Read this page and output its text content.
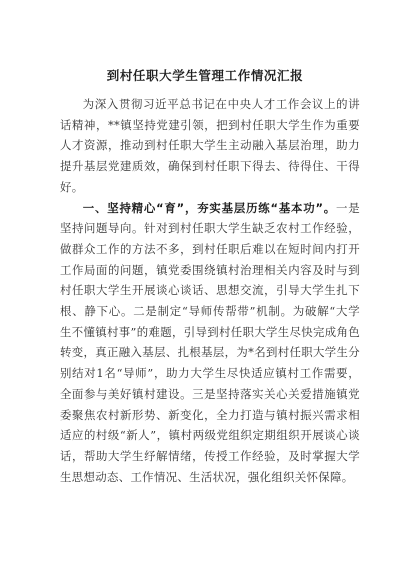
到村任职大学生管理工作情况汇报

为深入贯彻习近平总书记在中央人才工作会议上的讲话精神，**镇坚持党建引领，把到村任职大学生作为重要人才资源，推动到村任职大学生主动融入基层治理，助力提升基层党建质效，确保到村任职下得去、待得住、干得好。

一、坚持精心“育”，夯实基层历练“基本功”。一是坚持问题导向。针对到村任职大学生缺乏农村工作经验，做群众工作的方法不多，到村任职后难以在短时间内打开工作局面的问题，镇党委围绕镇村治理相关内容及时与到村任职大学生开展谈心谈话、思想交流，引导大学生扎下根、静下心。二是制定“导师传帮带”机制。为破解“大学生不懂镇村事”的难题，引导到村任职大学生尽快完成角色转变，真正融入基层、扎根基层，为*名到村任职大学生分别结对1名“导师”，助力大学生尽快适应镇村工作需要，全面参与美好镇村建设。三是坚持落实关心关爱措施镇党委聚焦农村新形势、新变化，全力打造与镇村振兴需求相适应的村级“新人”，镇村两级党组织定期组织开展谈心谈话，帮助大学生纾解情绪，传授工作经验，及时掌握大学生思想动态、工作情况、生活状况，强化组织关怀保障。
